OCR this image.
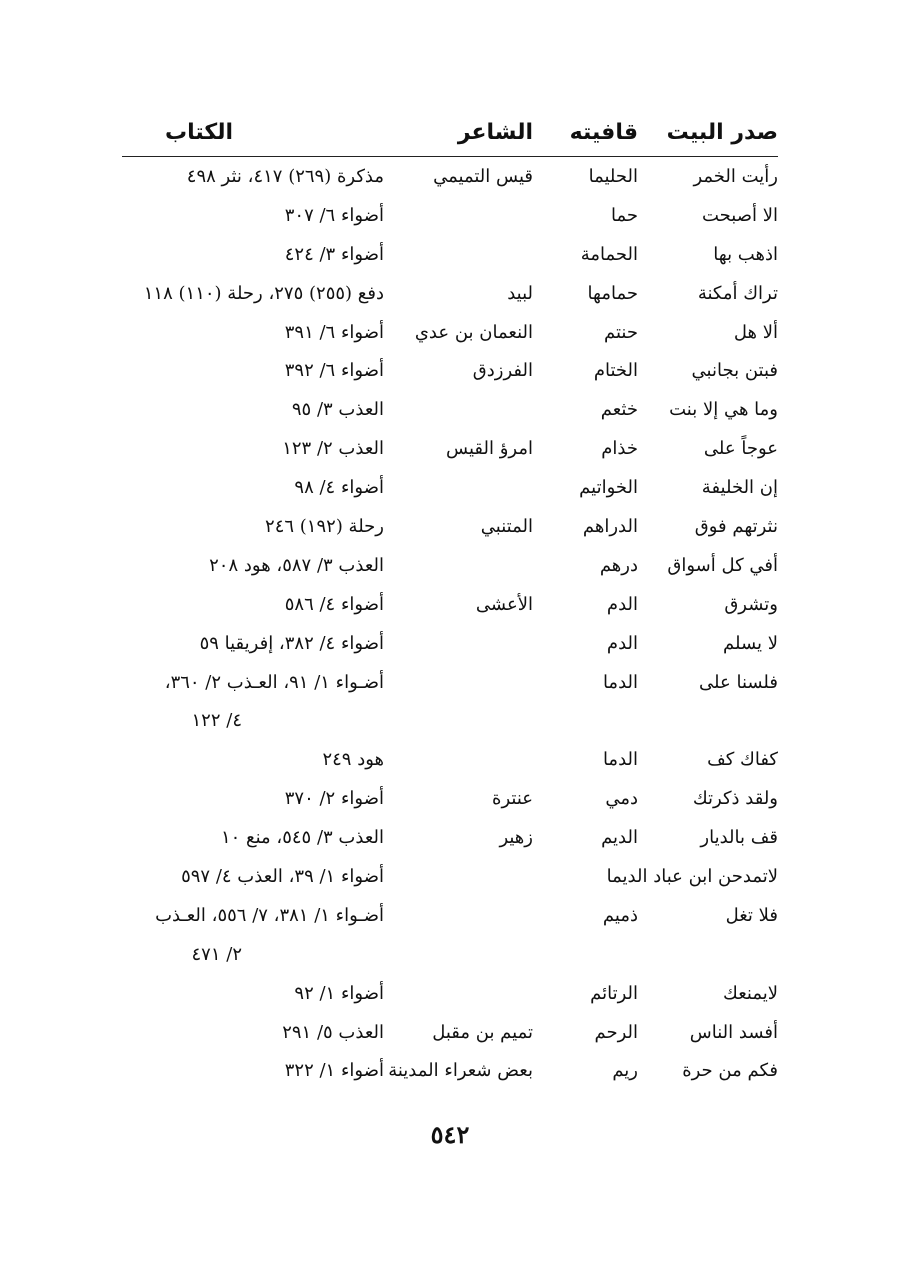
صدر البيت
قافيته
الشاعر
الكتاب
رأيت الخمر
الحليما
قيس التميمي
مذكرة (٢٦٩) ٤١٧، نثر ٤٩٨
الا أصبحت
حما
أضواء ٦/ ٣٠٧
اذهب بها
الحمامة
أضواء ٣/ ٤٢٤
تراك أمكنة
حمامها
لبيد
دفع (٢٥٥) ٢٧٥، رحلة (١١٠) ١١٨
ألا هل
حنتم
النعمان بن عدي
أضواء ٦/ ٣٩١
فبتن بجانبي
الختام
الفرزدق
أضواء ٦/ ٣٩٢
وما هي إلا بنت
خثعم
العذب ٣/ ٩٥
عوجاً على
خذام
امرؤ القيس
العذب ٢/ ١٢٣
إن الخليفة
الخواتيم
أضواء ٤/ ٩٨
نثرتهم فوق
الدراهم
المتنبي
رحلة (١٩٢) ٢٤٦
أفي كل أسواق
درهم
العذب ٣/ ٥٨٧، هود ٢٠٨
وتشرق
الدم
الأعشى
أضواء ٤/ ٥٨٦
لا يسلم
الدم
أضواء ٤/ ٣٨٢، إفريقيا ٥٩
فلسنا على
الدما
أضـواء ١/ ٩١، العـذب ٢/ ٣٦٠،
٤/ ١٢٢
كفاك كف
الدما
هود ٢٤٩
ولقد ذكرتك
دمي
عنترة
أضواء ٢/ ٣٧٠
قف بالديار
الديم
زهير
العذب ٣/ ٥٤٥، منع ١٠
لاتمدحن ابن عباد الديما
أضواء ١/ ٣٩، العذب ٤/ ٥٩٧
فلا تغل
ذميم
أضـواء ١/ ٣٨١، ٧/ ٥٥٦، العـذب
٢/ ٤٧١
لايمنعك
الرتائم
أضواء ١/ ٩٢
أفسد الناس
الرحم
تميم بن مقبل
العذب ٥/ ٢٩١
فكم من حرة
ريم
بعض شعراء المدينة
أضواء ١/ ٣٢٢
٥٤٢
